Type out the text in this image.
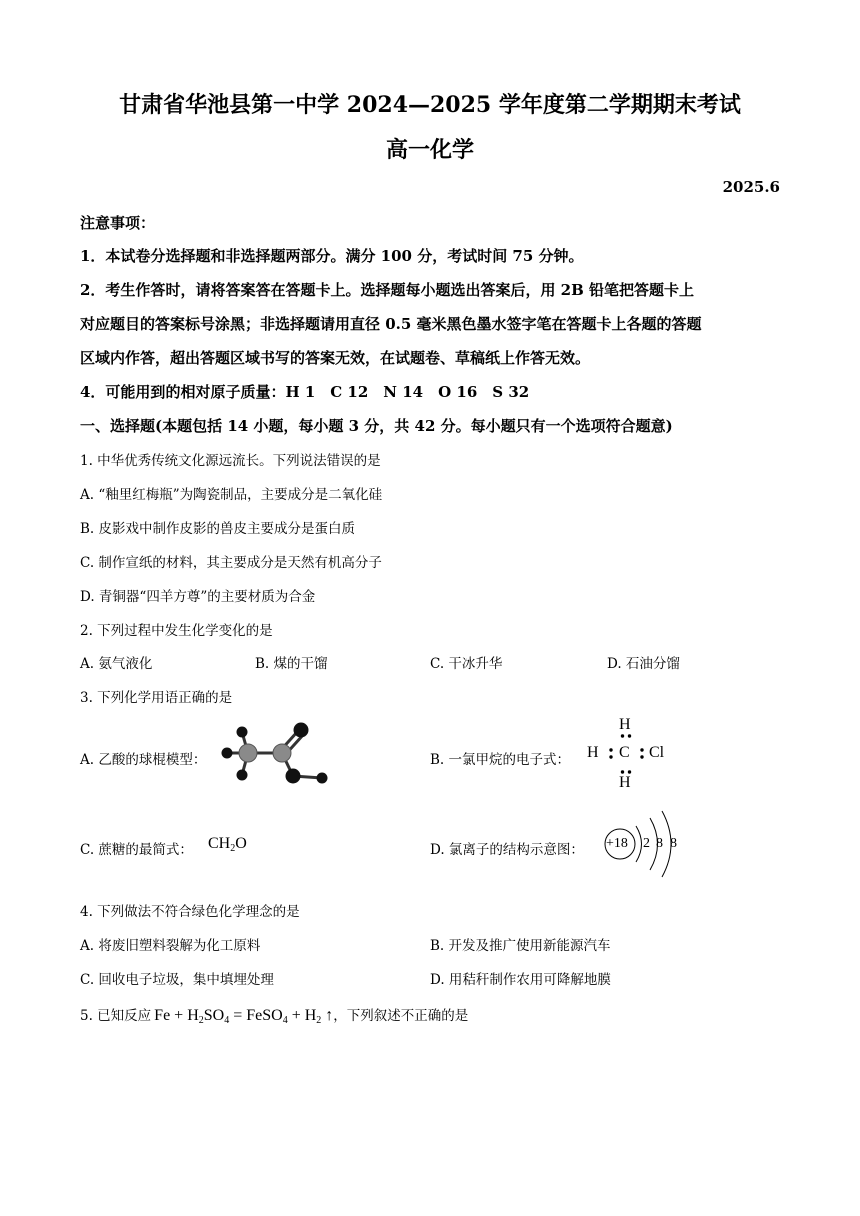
甘肃省华池县第一中学 2024—2025 学年度第二学期期末考试
高一化学
2025.6
注意事项：
1．本试卷分选择题和非选择题两部分。满分 100 分，考试时间 75 分钟。
2．考生作答时，请将答案答在答题卡上。选择题每小题选出答案后，用 2B 铅笔把答题卡上
对应题目的答案标号涂黑；非选择题请用直径 0.5 毫米黑色墨水签字笔在答题卡上各题的答题
区域内作答，超出答题区域书写的答案无效，在试题卷、草稿纸上作答无效。
4．可能用到的相对原子质量：H 1　C 12　N 14　O 16　S 32
一、选择题(本题包括 14 小题，每小题 3 分，共 42 分。每小题只有一个选项符合题意)
1. 中华优秀传统文化源远流长。下列说法错误的是
A. “釉里红梅瓶”为陶瓷制品，主要成分是二氧化硅
B. 皮影戏中制作皮影的兽皮主要成分是蛋白质
C. 制作宣纸的材料，其主要成分是天然有机高分子
D. 青铜器“四羊方尊”的主要材质为合金
2. 下列过程中发生化学变化的是
A. 氨气液化	B. 煤的干馏	C. 干冰升华	D. 石油分馏
3. 下列化学用语正确的是
A. 乙酸的球棍模型：	B. 一氯甲烷的电子式：
H
H C Cl
H
C. 蔗糖的最简式： $CH_2O$	D. 氯离子的结构示意图： +18 2 8 8
4. 下列做法不符合绿色化学理念的是
A. 将废旧塑料裂解为化工原料	B. 开发及推广使用新能源汽车
C. 回收电子垃圾，集中填埋处理	D. 用秸秆制作农用可降解地膜
5. 已知反应 $Fe + H_2SO_4$ = FeSO$_4$ + $H_2$ ↑ ，下列叙述不正确的是
